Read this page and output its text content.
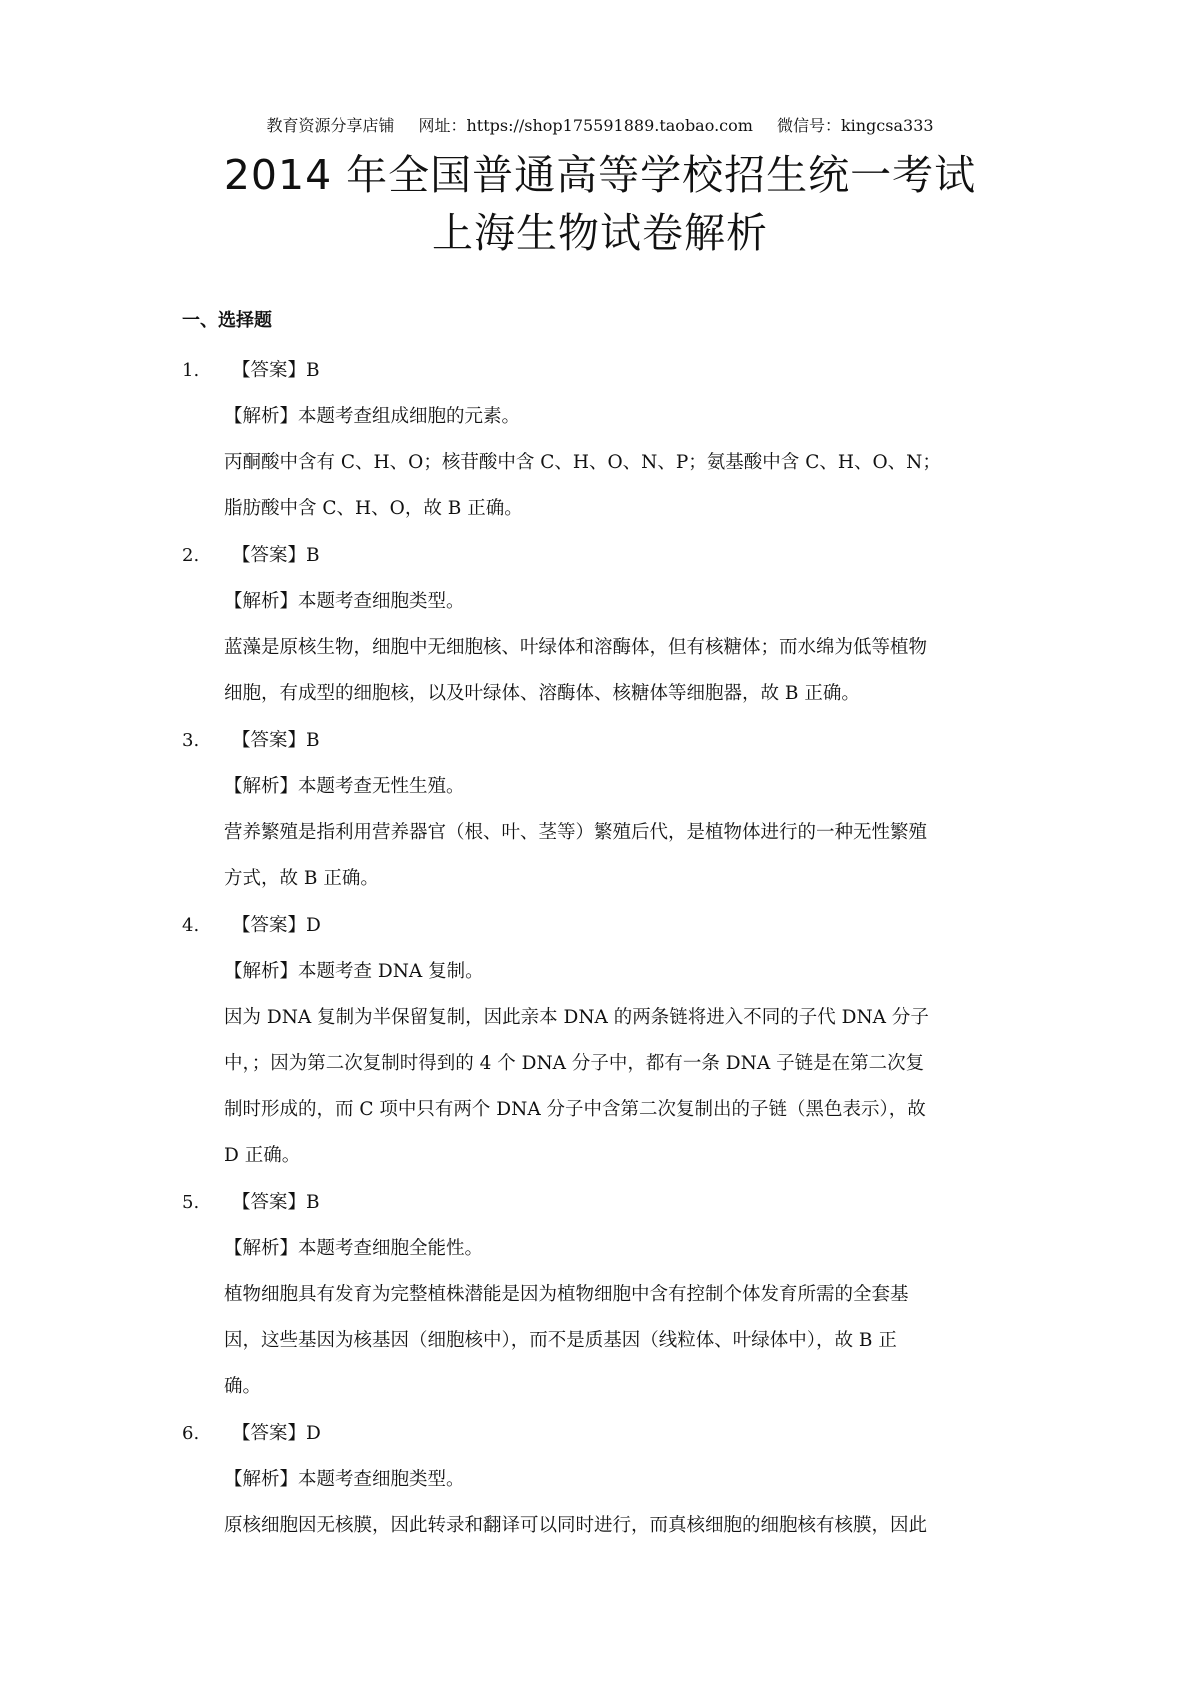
教育资源分享店铺 网址：https://shop175591889.taobao.com 微信号：kingcsa333
2014 年全国普通高等学校招生统一考试
上海生物试卷解析
一、选择题
1. 【答案】B
【解析】本题考查组成细胞的元素。
丙酮酸中含有 C、H、O；核苷酸中含 C、H、O、N、P；氨基酸中含 C、H、O、N；
脂肪酸中含 C、H、O，故 B 正确。
2. 【答案】B
【解析】本题考查细胞类型。
蓝藻是原核生物，细胞中无细胞核、叶绿体和溶酶体，但有核糖体；而水绵为低等植物
细胞，有成型的细胞核，以及叶绿体、溶酶体、核糖体等细胞器，故 B 正确。
3. 【答案】B
【解析】本题考查无性生殖。
营养繁殖是指利用营养器官（根、叶、茎等）繁殖后代，是植物体进行的一种无性繁殖
方式，故 B 正确。
4. 【答案】D
【解析】本题考查 DNA 复制。
因为 DNA 复制为半保留复制，因此亲本 DNA 的两条链将进入不同的子代 DNA 分子
中，；因为第二次复制时得到的 4 个 DNA 分子中，都有一条 DNA 子链是在第二次复
制时形成的，而 C 项中只有两个 DNA 分子中含第二次复制出的子链（黑色表示），故
D 正确。
5. 【答案】B
【解析】本题考查细胞全能性。
植物细胞具有发育为完整植株潜能是因为植物细胞中含有控制个体发育所需的全套基
因，这些基因为核基因（细胞核中），而不是质基因（线粒体、叶绿体中），故 B 正
确。
6. 【答案】D
【解析】本题考查细胞类型。
原核细胞因无核膜，因此转录和翻译可以同时进行，而真核细胞的细胞核有核膜，因此
